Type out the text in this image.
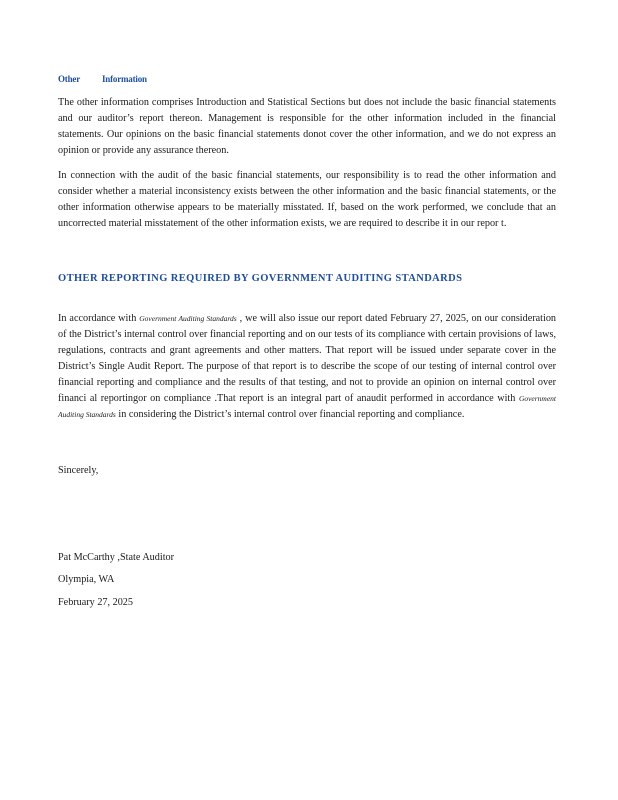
Other Information

The other information comprises Introduction and Statistical Sections but does not include the basic financial statements and our auditor’s report thereon. Management is responsible for the other information included in the financial statements. Our opinions on the basic financial statements donot cover the other information, and we do not express an opinion or provide any assurance thereon.

In connection with the audit of the basic financial statements, our responsibility is to read the other information and consider whether a material inconsistency exists between the other information and the basic financial statements, or the other information otherwise appears to be materially misstated. If, based on the work performed, we conclude that an uncorrected material misstatement of the other information exists, we are required to describe it in our repor t.

OTHER REPORTING REQUIRED BY GOVERNMENT AUDITING STANDARDS

In accordance with Government Auditing Standards , we will also issue our report dated February 27, 2025, on our consideration of the District’s internal control over financial reporting and on our tests of its compliance with certain provisions of laws, regulations, contracts and grant agreements and other matters. That report will be issued under separate cover in the District’s Single Audit Report. The purpose of that report is to describe the scope of our testing of internal control over financial reporting and compliance and the results of that testing, and not to provide an opinion on internal control over financi al reportingor on compliance .That report is an integral part of anaudit performed in accordance with Government Auditing Standards in considering the District’s internal control over financial reporting and compliance.

Sincerely,
Pat McCarthy ,State Auditor
Olympia, WA
February 27, 2025
